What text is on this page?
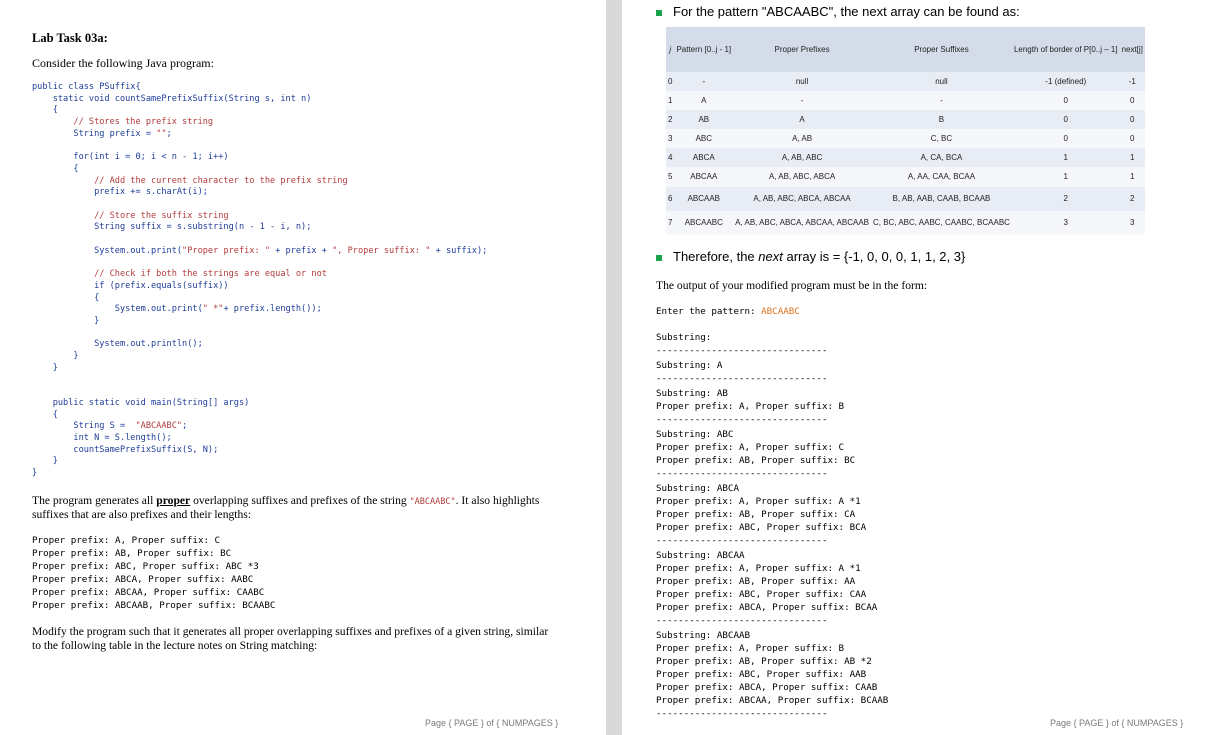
Lab Task 03a:
Consider the following Java program:
public class PSuffix{
static void countSamePrefixSuffix(String s, int n)
{
// Stores the prefix string
String prefix = "";

for(int i = 0; i < n - 1; i++)
{
// Add the current character to the prefix string
prefix += s.charAt(i);

// Store the suffix string
String suffix = s.substring(n - 1 - i, n);

System.out.print("Proper prefix: " + prefix + ", Proper suffix: " + suffix);

// Check if both the strings are equal or not
if (prefix.equals(suffix))
{
System.out.print(" *"+ prefix.length());
}

System.out.println();
}
}

public static void main(String[] args)
{
String S =  "ABCAABC";
int N = S.length();
countSamePrefixSuffix(S, N);
}
}
The program generates all proper overlapping suffixes and prefixes of the string "ABCAABC". It also highlights
suffixes that are also prefixes and their lengths:
Proper prefix: A, Proper suffix: C
Proper prefix: AB, Proper suffix: BC
Proper prefix: ABC, Proper suffix: ABC *3
Proper prefix: ABCA, Proper suffix: AABC
Proper prefix: ABCAA, Proper suffix: CAABC
Proper prefix: ABCAAB, Proper suffix: BCAABC
Modify the program such that it generates all proper overlapping suffixes and prefixes of a given string, similar
to the following table in the lecture notes on String matching:
Page { PAGE } of { NUMPAGES }
For the pattern "ABCAABC", the next array can be found as:
j	Pattern [0..j - 1]	Proper Prefixes	Proper Suffixes	Length of border of P[0..j – 1]	next[j]
0	-	null	null	-1 (defined)	-1
1	A	-	-	0	0
2	AB	A	B	0	0
3	ABC	A, AB	C, BC	0	0
4	ABCA	A, AB, ABC	A, CA, BCA	1	1
5	ABCAA	A, AB, ABC, ABCA	A, AA, CAA, BCAA	1	1
6	ABCAAB	A, AB, ABC, ABCA, ABCAA	B, AB, AAB, CAAB, BCAAB	2	2
7	ABCAABC	A, AB, ABC, ABCA, ABCAA, ABCAAB	C, BC, ABC, AABC, CAABC, BCAABC	3	3
Therefore, the next array is = {-1, 0, 0, 0, 1, 1, 2, 3}
The output of your modified program must be in the form:
Enter the pattern: ABCAABC
Substring:
-------------------------------
Substring: A
-------------------------------
Substring: AB
Proper prefix: A, Proper suffix: B
-------------------------------
Substring: ABC
Proper prefix: A, Proper suffix: C
Proper prefix: AB, Proper suffix: BC
-------------------------------
Substring: ABCA
Proper prefix: A, Proper suffix: A *1
Proper prefix: AB, Proper suffix: CA
Proper prefix: ABC, Proper suffix: BCA
-------------------------------
Substring: ABCAA
Proper prefix: A, Proper suffix: A *1
Proper prefix: AB, Proper suffix: AA
Proper prefix: ABC, Proper suffix: CAA
Proper prefix: ABCA, Proper suffix: BCAA
-------------------------------
Substring: ABCAAB
Proper prefix: A, Proper suffix: B
Proper prefix: AB, Proper suffix: AB *2
Proper prefix: ABC, Proper suffix: AAB
Proper prefix: ABCA, Proper suffix: CAAB
Proper prefix: ABCAA, Proper suffix: BCAAB
-------------------------------
Page { PAGE } of { NUMPAGES }
